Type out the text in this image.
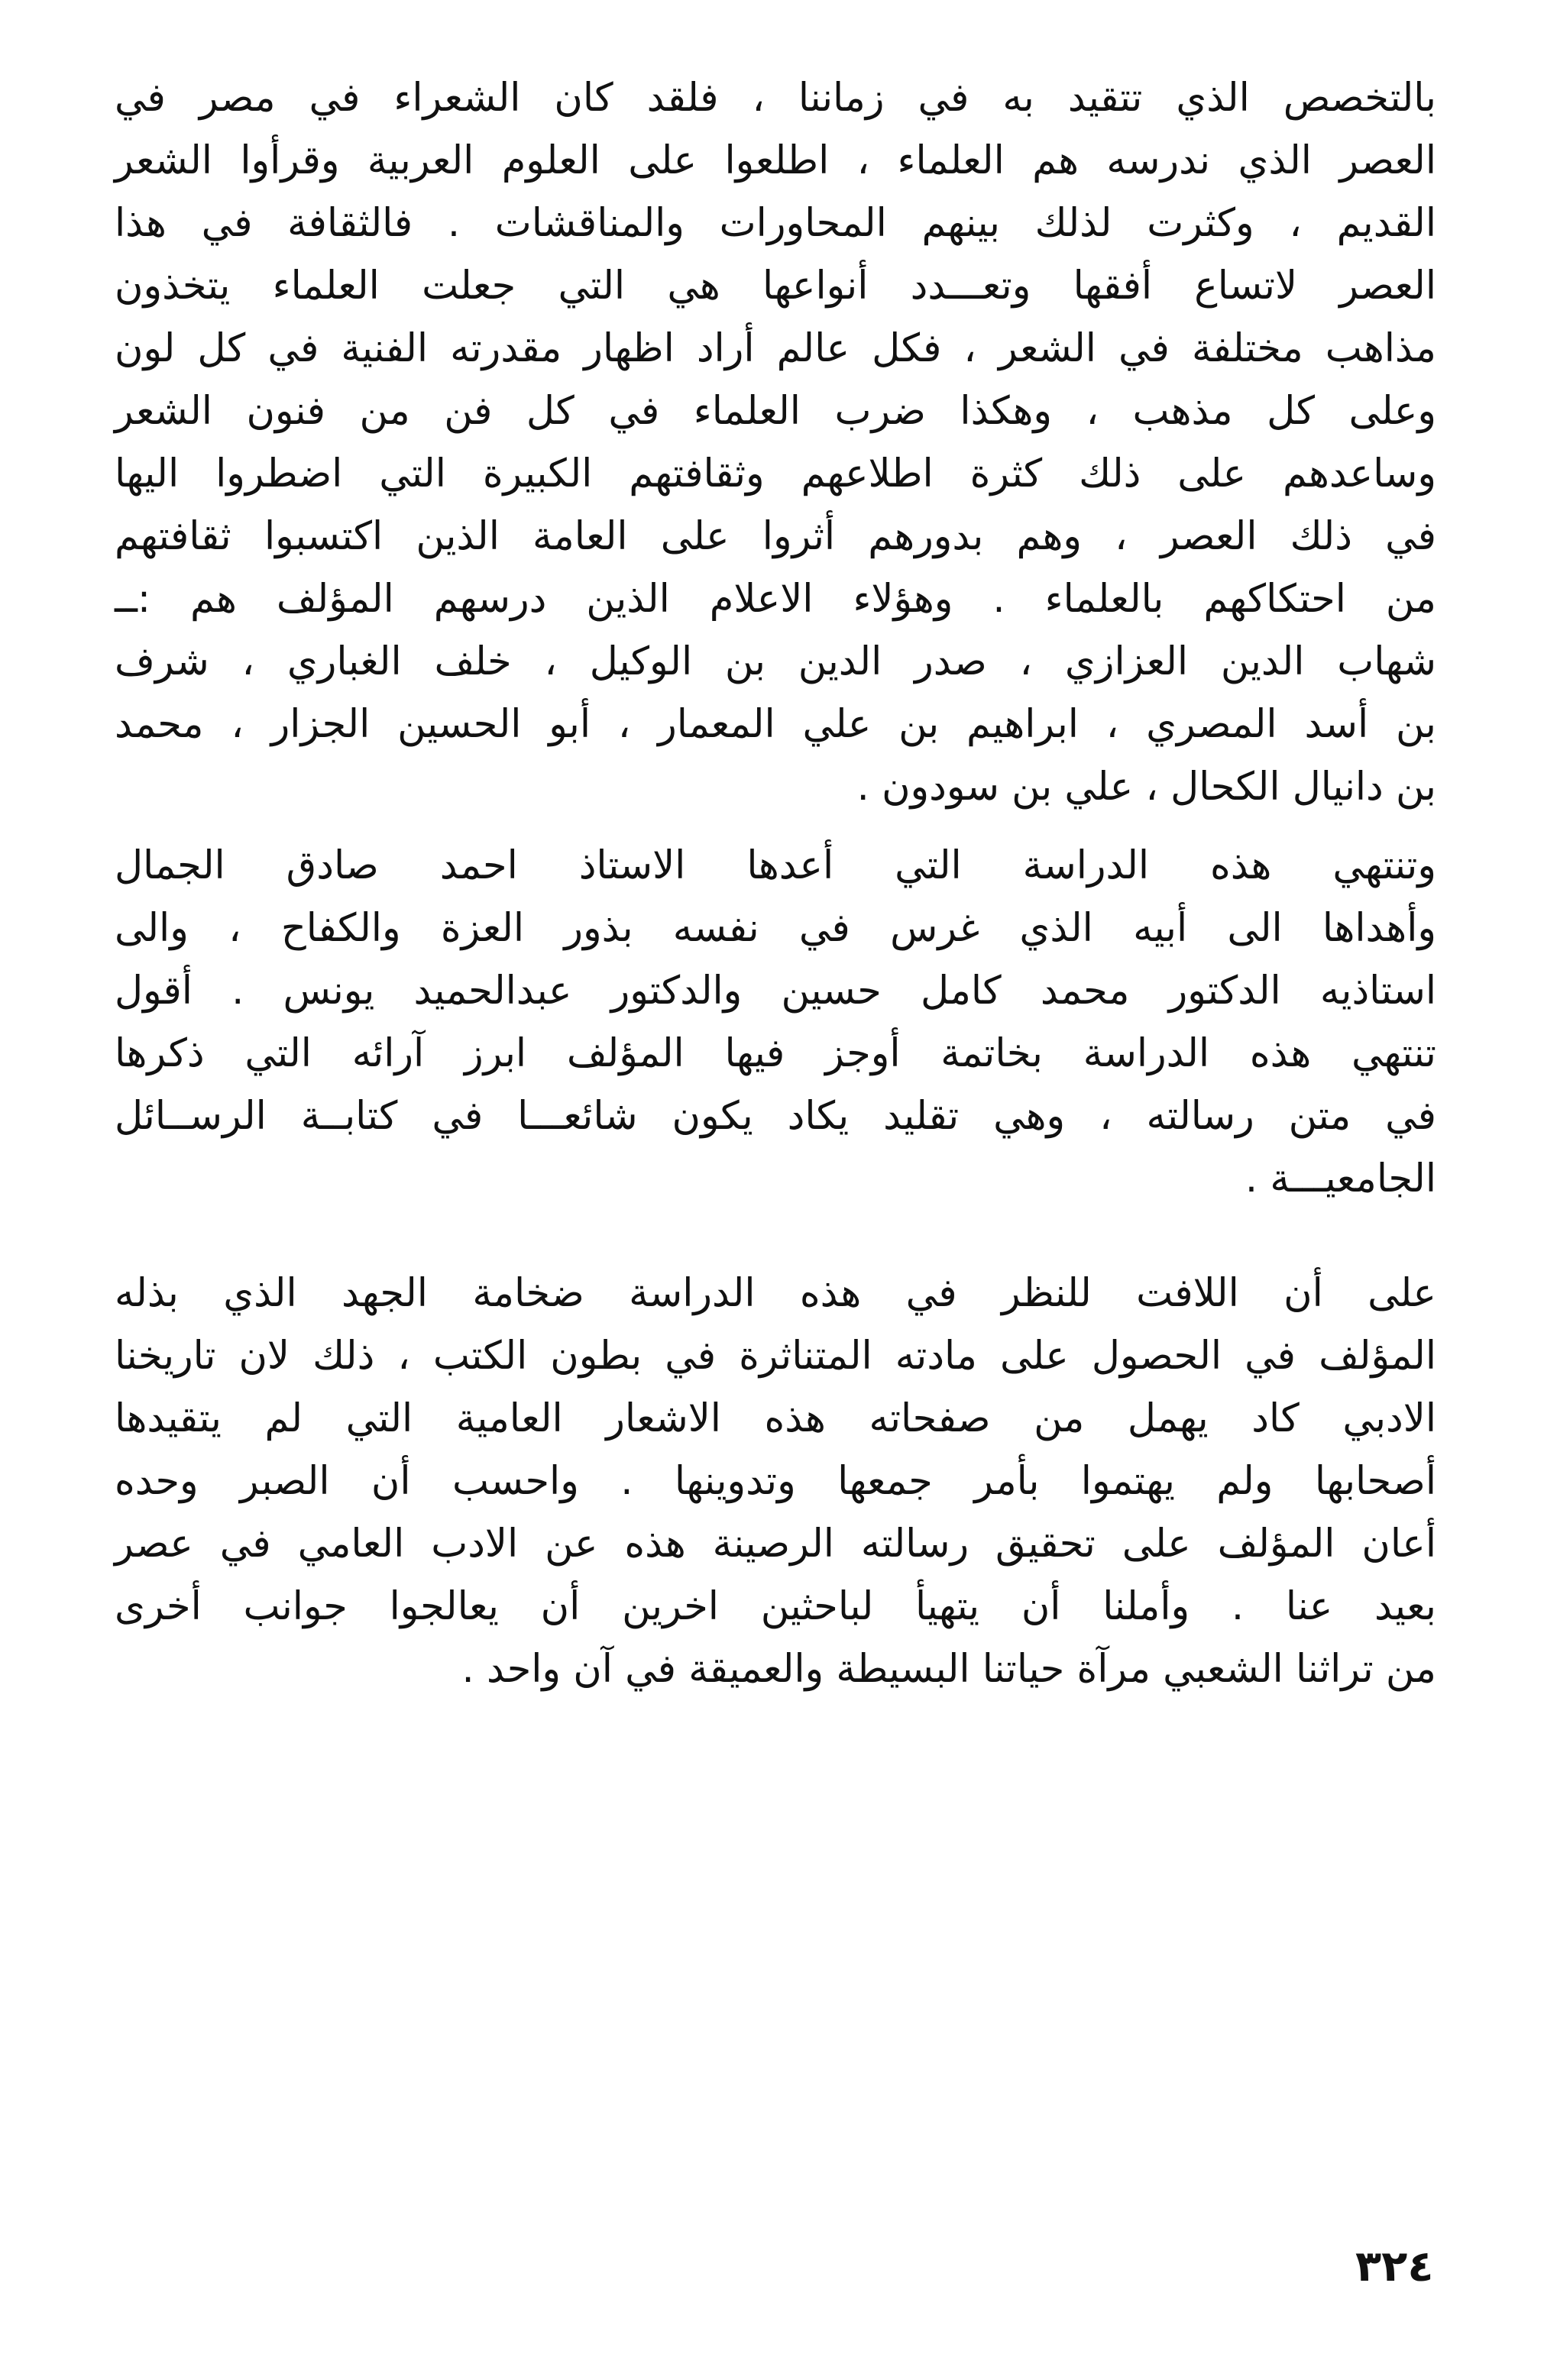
بالتخصص الذي تتقيد به في زماننا ، فلقد كان الشعراء في مصر في
العصر الذي ندرسه هم العلماء ، اطلعوا على العلوم العربية وقرأوا الشعر
القديم ، وكثرت لذلك بينهم المحاورات والمناقشات . فالثقافة في هذا
العصر لاتساع أفقها وتعـــدد أنواعها هي التي جعلت العلماء يتخذون
مذاهب مختلفة في الشعر ، فكل عالم أراد اظهار مقدرته الفنية في كل لون
وعلى كل مذهب ، وهكذا ضرب العلماء في كل فن من فنون الشعر
وساعدهم على ذلك كثرة اطلاعهم وثقافتهم الكبيرة التي اضطروا اليها
في ذلك العصر ، وهم بدورهم أثروا على العامة الذين اكتسبوا ثقافتهم
من احتكاكهم بالعلماء . وهؤلاء الاعلام الذين درسهم المؤلف هم :ــ
شهاب الدين العزازي ، صدر الدين بن الوكيل ، خلف الغباري ، شرف
بن أسد المصري ، ابراهيم بن علي المعمار ، أبو الحسين الجزار ، محمد
بن دانيال الكحال ، علي بن سودون .
وتنتهي هذه الدراسة التي أعدها الاستاذ احمد صادق الجمال
وأهداها الى أبيه الذي غرس في نفسه بذور العزة والكفاح ، والى
استاذيه الدكتور محمد كامل حسين والدكتور عبدالحميد يونس . أقول
تنتهي هذه الدراسة بخاتمة أوجز فيها المؤلف ابرز آرائه التي ذكرها
في متن رسالته ، وهي تقليد يكاد يكون شائعـــا في كتابــة الرســائل
الجامعيـــة .
على أن اللافت للنظر في هذه الدراسة ضخامة الجهد الذي بذله
المؤلف في الحصول على مادته المتناثرة في بطون الكتب ، ذلك لان تاريخنا
الادبي كاد يهمل من صفحاته هذه الاشعار العامية التي لم يتقيدها
أصحابها ولم يهتموا بأمر جمعها وتدوينها . واحسب أن الصبر وحده
أعان المؤلف على تحقيق رسالته الرصينة هذه عن الادب العامي في عصر
بعيد عنا . وأملنا أن يتهيأ لباحثين اخرين أن يعالجوا جوانب أخرى
من تراثنا الشعبي مرآة حياتنا البسيطة والعميقة في آن واحد .
٣٢٤
